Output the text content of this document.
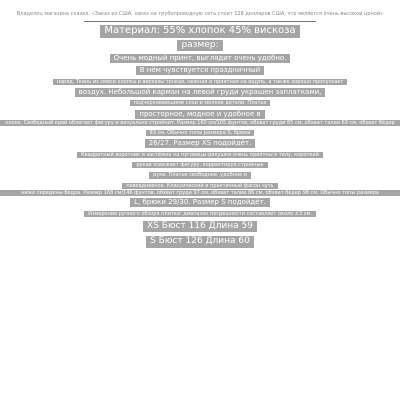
Владелец магазина сказал: «Заказ из США, заказ на трубопроводную сеть стоит 128 долларов США, что является очень высокой ценой»
Материал: 55% хлопок 45% вискоза
размер:
Очень модный принт, выглядит очень удобно.
В нём чувствуется праздничный
наряд. Ткань из смеси хлопка и вискозы тонкая, нежная и приятная на ощупь, а также хорошо пропускает
воздух. Небольшой карман на левой груди украшен заплатками,
подчеркивающими слои и мелкие детали. Платье
просторное, модное и удобное в
носке. Свободный крой облегает фигуру и визуально стройнит. Размер 160 см/105 фунтов, обхват груди 85 см, обхват талии 69 см, обхват бёдер
93 см. Обычно топы размера S, брюки
26/27. Размер XS подойдёт.
Квадратный воротник и застёжка на пуговицы-ракушки очень приятны к телу, короткий
рукав освежает фигуру, корректируя стройные
руки. Платье свободное, удобное и
повседневное. Классический и практичный фасон чуть
ниже середины бедра. Размер 168 см/146 фунтов, обхват груди 97 см, обхват талии 86 см, обхват бёдер 98 см. Обычно топы размера
L, брюки 29/30. Размер S подойдёт.
Измерение ручного обзора плитки: диапазон погрешности составляет около ±3 см.
XS Бюст 116 Длина 59
S Бюст 126 Длина 60
